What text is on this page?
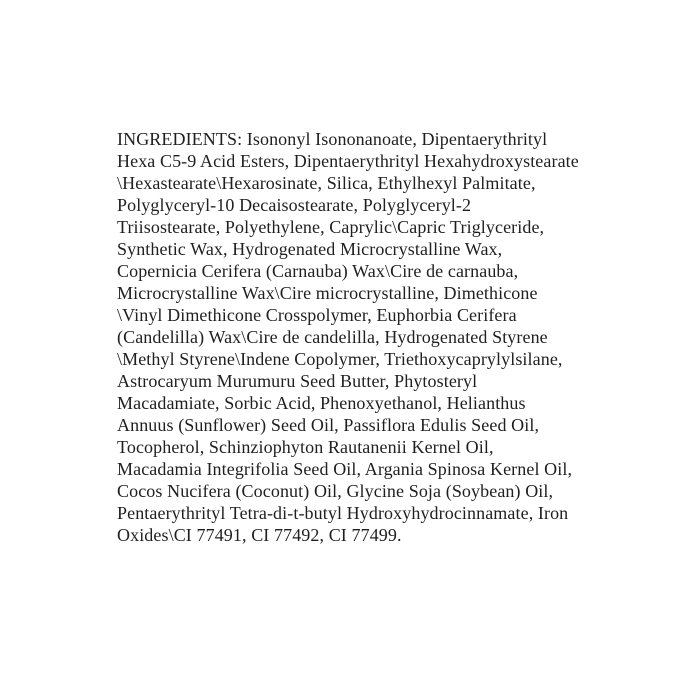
INGREDIENTS: Isononyl Isononanoate, Dipentaerythrityl
Hexa C5-9 Acid Esters, Dipentaerythrityl Hexahydroxystearate
\Hexastearate\Hexarosinate, Silica, Ethylhexyl Palmitate,
Polyglyceryl-10 Decaisostearate, Polyglyceryl-2
Triisostearate, Polyethylene, Caprylic\Capric Triglyceride,
Synthetic Wax, Hydrogenated Microcrystalline Wax,
Copernicia Cerifera (Carnauba) Wax\Cire de carnauba,
Microcrystalline Wax\Cire microcrystalline, Dimethicone
\Vinyl Dimethicone Crosspolymer, Euphorbia Cerifera
(Candelilla) Wax\Cire de candelilla, Hydrogenated Styrene
\Methyl Styrene\Indene Copolymer, Triethoxycaprylylsilane,
Astrocaryum Murumuru Seed Butter, Phytosteryl
Macadamiate, Sorbic Acid, Phenoxyethanol, Helianthus
Annuus (Sunflower) Seed Oil, Passiflora Edulis Seed Oil,
Tocopherol, Schinziophyton Rautanenii Kernel Oil,
Macadamia Integrifolia Seed Oil, Argania Spinosa Kernel Oil,
Cocos Nucifera (Coconut) Oil, Glycine Soja (Soybean) Oil,
Pentaerythrityl Tetra-di-t-butyl Hydroxyhydrocinnamate, Iron
Oxides\CI 77491, CI 77492, CI 77499.
